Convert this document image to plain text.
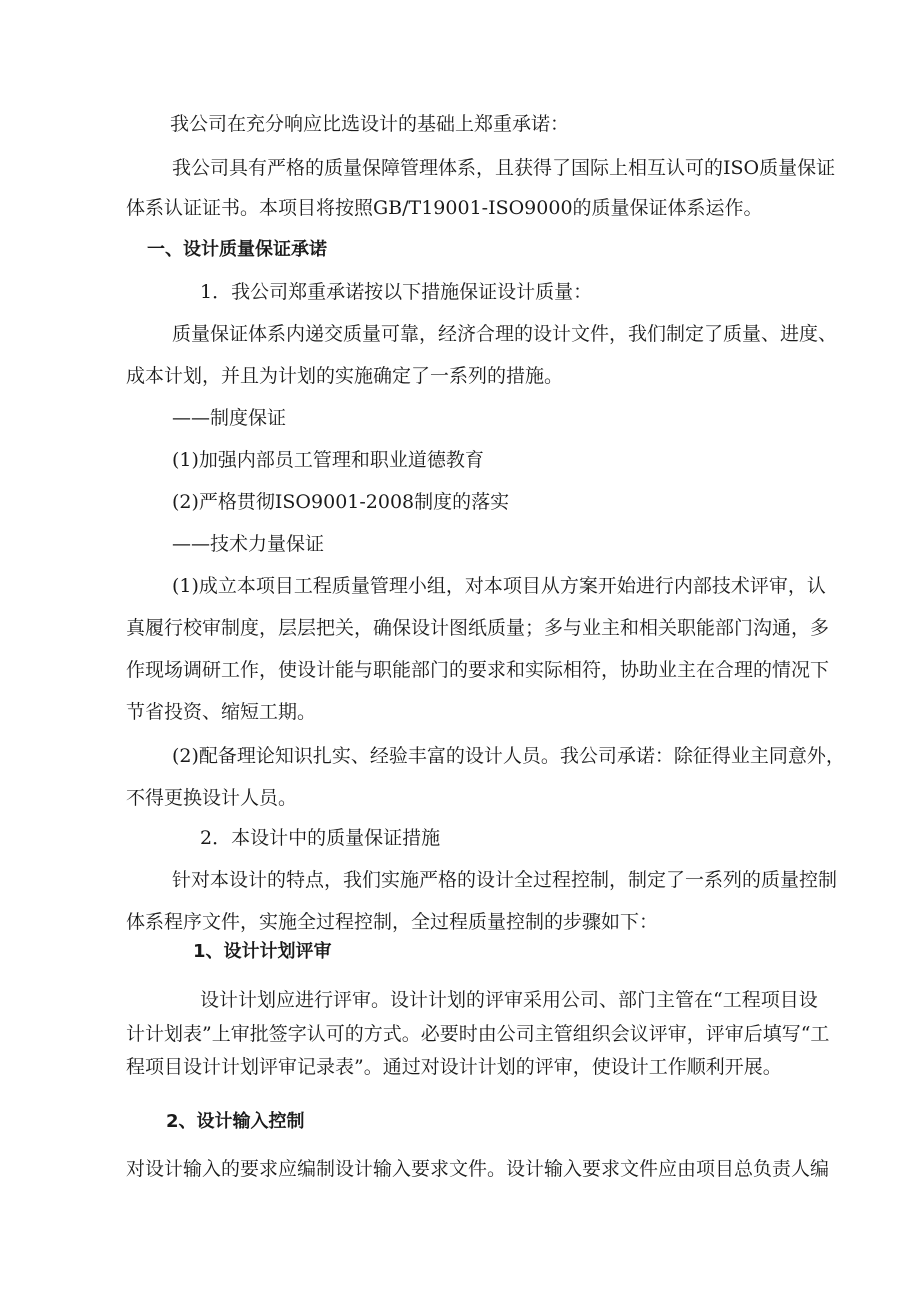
我公司在充分响应比选设计的基础上郑重承诺：
我公司具有严格的质量保障管理体系，且获得了国际上相互认可的ISO质量保证
体系认证证书。本项目将按照GB/T19001-ISO9000的质量保证体系运作。
一、设计质量保证承诺
1．我公司郑重承诺按以下措施保证设计质量：
质量保证体系内递交质量可靠，经济合理的设计文件，我们制定了质量、进度、
成本计划，并且为计划的实施确定了一系列的措施。
——制度保证
(1)加强内部员工管理和职业道德教育
(2)严格贯彻ISO9001-2008制度的落实
——技术力量保证
(1)成立本项目工程质量管理小组，对本项目从方案开始进行内部技术评审，认
真履行校审制度，层层把关，确保设计图纸质量；多与业主和相关职能部门沟通，多
作现场调研工作，使设计能与职能部门的要求和实际相符，协助业主在合理的情况下
节省投资、缩短工期。
(2)配备理论知识扎实、经验丰富的设计人员。我公司承诺：除征得业主同意外，
不得更换设计人员。
2．本设计中的质量保证措施
针对本设计的特点，我们实施严格的设计全过程控制，制定了一系列的质量控制
体系程序文件，实施全过程控制，全过程质量控制的步骤如下：
1、设计计划评审
设计计划应进行评审。设计计划的评审采用公司、部门主管在“工程项目设
计计划表”上审批签字认可的方式。必要时由公司主管组织会议评审，评审后填写“工
程项目设计计划评审记录表”。通过对设计计划的评审，使设计工作顺利开展。
2、设计输入控制
对设计输入的要求应编制设计输入要求文件。设计输入要求文件应由项目总负责人编
